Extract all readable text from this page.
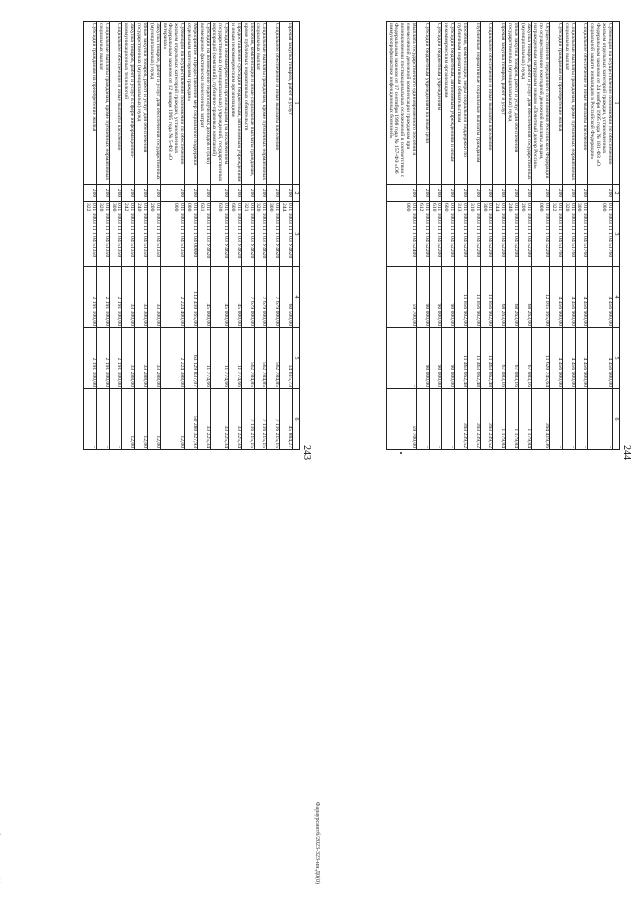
243
1	2	3	4	5	6
Прочая закупка товаров, работ и услуг	200	011 1003 11 1 03 У4620 244	60 500,00	14 615,73	45 884,27
Социальное обеспечение и иные выплаты населению	200	011 1003 11 1 03 У4620 300	7 679 000,00	562 784,85	7 116 215,15
Социальные выплаты гражданам, кроме публичных нормативных социальных выплат	200	011 1003 11 1 03 У4620 320	7 679 000,00	562 784,85	7 116 215,15
Пособия, компенсации и иные социальные выплаты гражданам, кроме публичных нормативных обязательств	200	011 1003 11 1 03 У4620 321	7 679 000,00	562 784,85	7 116 215,15
Предоставление субсидий бюджетным, автономным учреждениям и иным некоммерческим организациям	200	011 1003 11 1 03 У4620 600	45 000,00	11 774,66	33 225,34
Субсидии некоммерческим организациям (за исключением государственных (муниципальных) учреждений, государственных корпораций (компаний), публично-правовых компаний)	200	011 1003 11 1 03 У4620 630	45 000,00	11 774,66	33 225,34
Субсидии на возмещение недополученных доходов и (или) возмещение фактически понесенных затрат	200	011 1003 11 1 03 У4620 631	45 000,00	11 774,66	33 225,34
Мероприятие «Предоставление мер социальной поддержки отдельным категориям граждан»	200	011 1003 11 1 04 00000 000	113 410 165,00	63 129 837,07	50 280 327,93
Субвенции на осуществление полномочий по обеспечению жильем отдельных категорий граждан, установленных Федеральным законом от 12 января 1995 года № 5-ФЗ «О ветеранах»	200	011 1003 11 1 04 51350 000	2 224 400,00	2 224 388,00	12,00
Закупка товаров, работ и услуг для обеспечения государственных (муниципальных) нужд	200	011 1003 11 1 04 51350 200	33 300,00	33 288,00	12,00
Иные закупки товаров, работ и услуг для обеспечения государственных (муниципальных) нужд	200	011 1003 11 1 04 51350 240	33 300,00	33 288,00	12,00
Закупка товаров, работ и услуг в сфере информационно-коммуникационных технологий	200	011 1003 11 1 04 51350 242	33 300,00	33 288,00	12,00
Социальное обеспечение и иные выплаты населению	200	011 1003 11 1 04 51350 300	2 191 100,00	2 191 100,00	-
Социальные выплаты гражданам, кроме публичных нормативных социальных выплат	200	011 1003 11 1 04 51350 320	2 191 100,00	2 191 100,00	-
Субсидии гражданам на приобретение жилья	200	011 1003 11 1 04 51350 322	2 191 100,00	2 191 100,00	-	244
1	2	3	4	5	6
Субвенции на осуществление полномочий по обеспечению жильем отдельных категорий граждан, установленных Федеральным законом от 24 ноября 1995 года № 181-ФЗ «О социальной защите инвалидов в Российской Федерации»	200	011 1003 11 1 04 51760 000	4 456 900,00	4 456 900,00	-
Социальное обеспечение и иные выплаты населению	200	011 1003 11 1 04 51760 300	4 456 900,00	4 456 900,00	-
Социальные выплаты гражданам, кроме публичных нормативных социальных выплат	200	011 1003 11 1 04 51760 320	4 456 900,00	4 456 900,00	-
Субсидии гражданам на приобретение жилья	200	011 1003 11 1 04 51760 322	4 456 900,00	4 456 900,00	-
Осуществление переданного полномочия Российской Федерации по осуществлению ежегодной денежной выплаты лицам, награжденным нагрудным знаком «Почетный донор России»	200	011 1003 11 1 04 52200 000	12 015 165,00	11 620 745,64	394 419,36
Закупка товаров, работ и услуг для обеспечения государственных (муниципальных) нужд	200	011 1003 11 1 04 52200 200	68 263,00	67 083,16	1 179,84
Иные закупки товаров, работ и услуг для обеспечения государственных (муниципальных) нужд	200	011 1003 11 1 04 52200 240	68 263,00	67 083,16	1 179,84
Прочая закупка товаров, работ и услуг	200	011 1003 11 1 04 52200 244	68 263,00	67 083,16	1 179,84
Социальное обеспечение и иные выплаты населению	200	011 1003 11 1 04 52200 300	11 856 902,00	11 463 662,48	393 239,52
Публичные нормативные социальные выплаты гражданам	200	011 1003 11 1 04 52200 310	11 856 902,00	11 463 662,48	393 239,52
Пособия, компенсации, меры социальной поддержки по публичным нормативным обязательствам	200	011 1003 11 1 04 52200 313	11 856 902,00	11 463 662,48	393 239,52
Субсидии бюджетным, автономным учреждениям и иным некоммерческим организациям	200	011 1003 11 1 04 52200 600	90 000,00	90 000,00	-
Субсидии бюджетным учреждениям	200	011 1003 11 1 04 52200 610	90 000,00	90 000,00	-
Субсидии бюджетным учреждениям на иные цели	200	011 1003 11 1 04 52200 612	90 000,00	90 000,00	-
Выплата государственного единовременного пособия и ежемесячной денежной компенсации гражданам при возникновении поствакцинальных осложнений в соответствии с Федеральным законом от 17 сентября 1998 года № 157-ФЗ «Об иммунопрофилактике инфекционных болезней»	200	011 1003 11 1 04 52400 000	59 700,00	-	59 700,00
Фараурсинтб/2023-323-ин.Д0(0)
